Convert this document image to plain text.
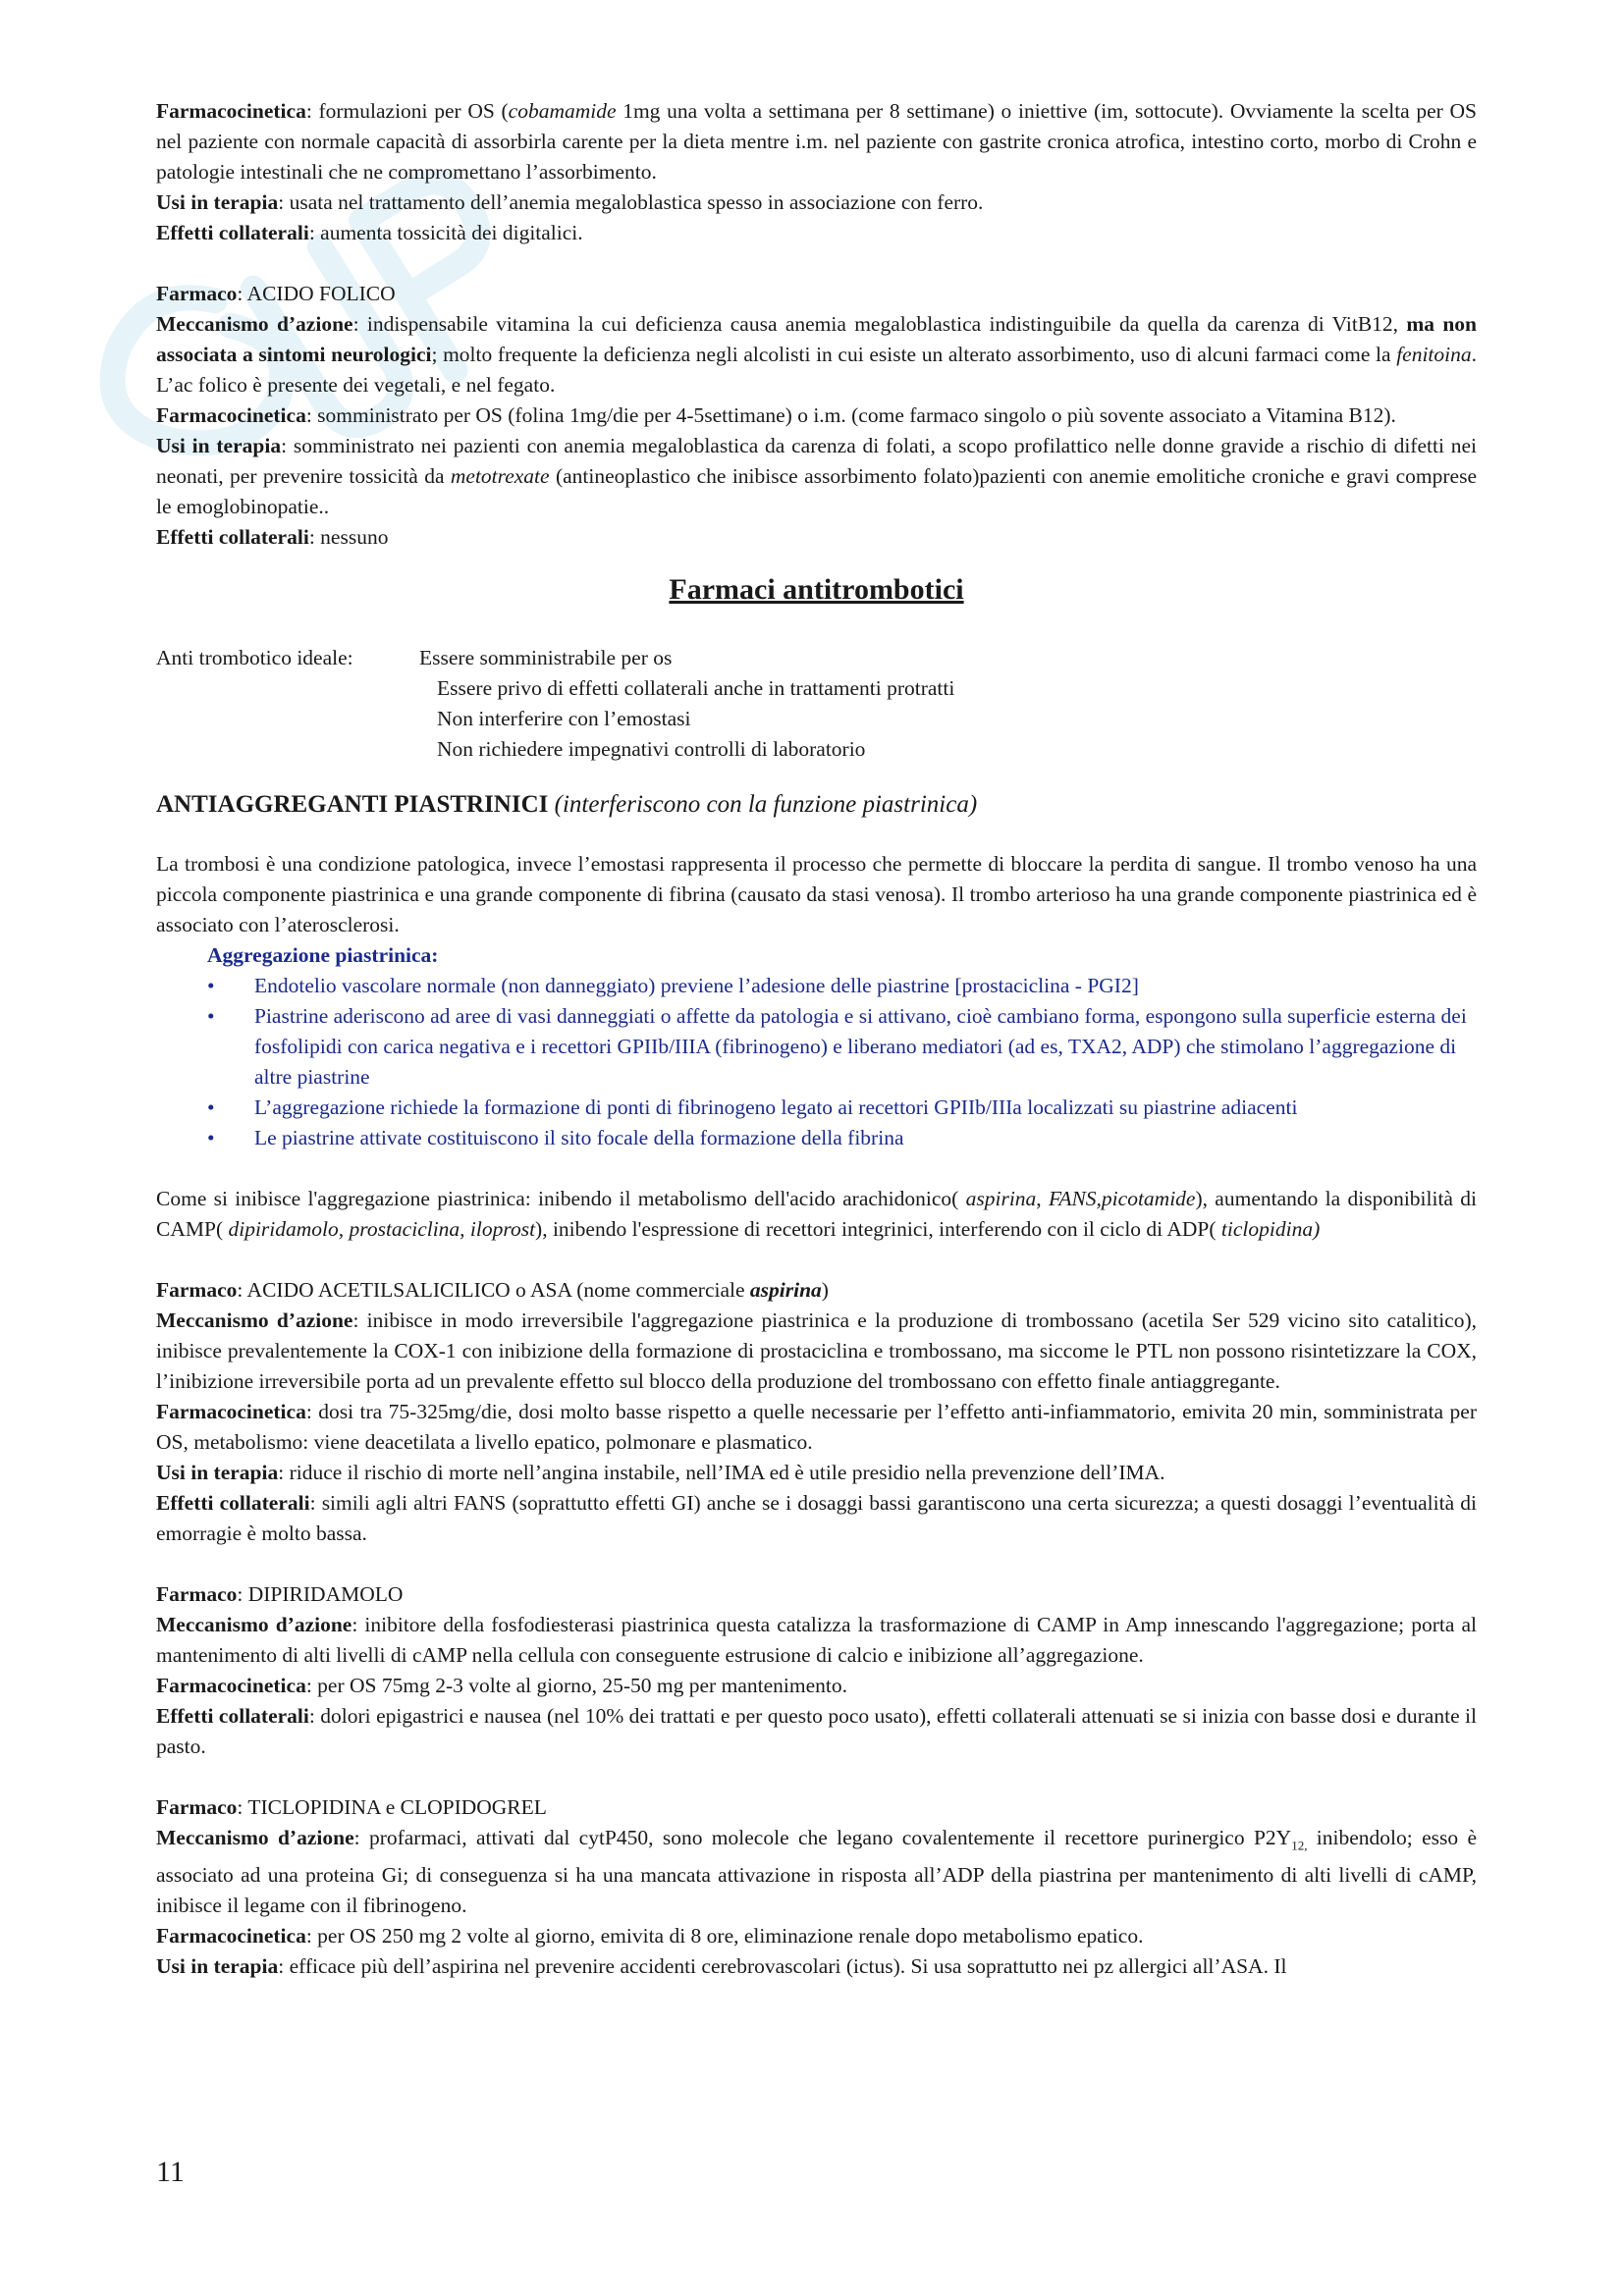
Farmacocinetica: formulazioni per OS (cobamamide 1mg una volta a settimana per 8 settimane) o iniettive (im, sottocute). Ovviamente la scelta per OS nel paziente con normale capacità di assorbirla carente per la dieta mentre i.m. nel paziente con gastrite cronica atrofica, intestino corto, morbo di Crohn e patologie intestinali che ne compromettano l’assorbimento.

Usi in terapia: usata nel trattamento dell’anemia megaloblastica spesso in associazione con ferro.

Effetti collaterali: aumenta tossicità dei digitalici.

Farmaco: ACIDO FOLICO

Meccanismo d’azione: indispensabile vitamina la cui deficienza causa anemia megaloblastica indistinguibile da quella da carenza di VitB12, ma non associata a sintomi neurologici; molto frequente la deficienza negli alcolisti in cui esiste un alterato assorbimento, uso di alcuni farmaci come la fenitoina. L’ac folico è presente dei vegetali, e nel fegato.

Farmacocinetica: somministrato per OS (folina 1mg/die per 4-5settimane) o i.m. (come farmaco singolo o più sovente associato a Vitamina B12).

Usi in terapia: somministrato nei pazienti con anemia megaloblastica da carenza di folati, a scopo profilattico nelle donne gravide a rischio di difetti nei neonati, per prevenire tossicità da metotrexate (antineoplastico che inibisce assorbimento folato)pazienti con anemie emolitiche croniche e gravi comprese le emoglobinopatie..

Effetti collaterali: nessuno

Farmaci antitrombotici
Anti trombotico ideale:	Essere somministrabile per os
Essere privo di effetti collaterali anche in trattamenti protratti
Non interferire con l’emostasi
Non richiedere impegnativi controlli di laboratorio

ANTIAGGREGANTI PIASTRINICI (interferiscono con la funzione piastrinica)

La trombosi è una condizione patologica, invece l’emostasi rappresenta il processo che permette di bloccare la perdita di sangue. Il trombo venoso ha una piccola componente piastrinica e una grande componente di fibrina (causato da stasi venosa). Il trombo arterioso ha una grande componente piastrinica ed è associato con l’aterosclerosi.

Aggregazione piastrinica:

• Endotelio vascolare normale (non danneggiato) previene l’adesione delle piastrine [prostaciclina - PGI2]
• Piastrine aderiscono ad aree di vasi danneggiati o affette da patologia e si attivano, cioè cambiano forma, espongono sulla superficie esterna dei fosfolipidi con carica negativa e i recettori GPIIb/IIIA (fibrinogeno) e liberano mediatori (ad es, TXA2, ADP) che stimolano l’aggregazione di altre piastrine
• L’aggregazione richiede la formazione di ponti di fibrinogeno legato ai recettori GPIIb/IIIa localizzati su piastrine adiacenti
• Le piastrine attivate costituiscono il sito focale della formazione della fibrina

Come si inibisce l'aggregazione piastrinica: inibendo il metabolismo dell'acido arachidonico( aspirina, FANS,picotamide), aumentando la disponibilità di CAMP( dipiridamolo, prostaciclina, iloprost), inibendo l'espressione di recettori integrinici, interferendo con il ciclo di ADP( ticlopidina)

Farmaco: ACIDO ACETILSALICILICO o ASA (nome commerciale aspirina)

Meccanismo d’azione: inibisce in modo irreversibile l'aggregazione piastrinica e la produzione di trombossano (acetila Ser 529 vicino sito catalitico), inibisce prevalentemente la COX-1 con inibizione della formazione di prostaciclina e trombossano, ma siccome le PTL non possono risintetizzare la COX, l’inibizione irreversibile porta ad un prevalente effetto sul blocco della produzione del trombossano con effetto finale antiaggregante.

Farmacocinetica: dosi tra 75-325mg/die, dosi molto basse rispetto a quelle necessarie per l’effetto anti-infiammatorio, emivita 20 min, somministrata per OS, metabolismo: viene deacetilata a livello epatico, polmonare e plasmatico.

Usi in terapia: riduce il rischio di morte nell’angina instabile, nell’IMA ed è utile presidio nella prevenzione dell’IMA.

Effetti collaterali: simili agli altri FANS (soprattutto effetti GI) anche se i dosaggi bassi garantiscono una certa sicurezza; a questi dosaggi l’eventualità di emorragie è molto bassa.

Farmaco: DIPIRIDAMOLO

Meccanismo d’azione: inibitore della fosfodiesterasi piastrinica questa catalizza la trasformazione di CAMP in Amp innescando l'aggregazione; porta al mantenimento di alti livelli di cAMP nella cellula con conseguente estrusione di calcio e inibizione all’aggregazione.

Farmacocinetica: per OS 75mg 2-3 volte al giorno, 25-50 mg per mantenimento.

Effetti collaterali: dolori epigastrici e nausea (nel 10% dei trattati e per questo poco usato), effetti collaterali attenuati se si inizia con basse dosi e durante il pasto.

Farmaco: TICLOPIDINA e CLOPIDOGREL

Meccanismo d’azione: profarmaci, attivati dal cytP450, sono molecole che legano covalentemente il recettore purinergico $P2Y_{12,}$ inibendolo; esso è associato ad una proteina Gi; di conseguenza si ha una mancata attivazione in risposta all’ADP della piastrina per mantenimento di alti livelli di cAMP, inibisce il legame con il fibrinogeno.

Farmacocinetica: per OS 250 mg 2 volte al giorno, emivita di 8 ore, eliminazione renale dopo metabolismo epatico.

Usi in terapia: efficace più dell’aspirina nel prevenire accidenti cerebrovascolari (ictus). Si usa soprattutto nei pz allergici all’ASA. Il

11
